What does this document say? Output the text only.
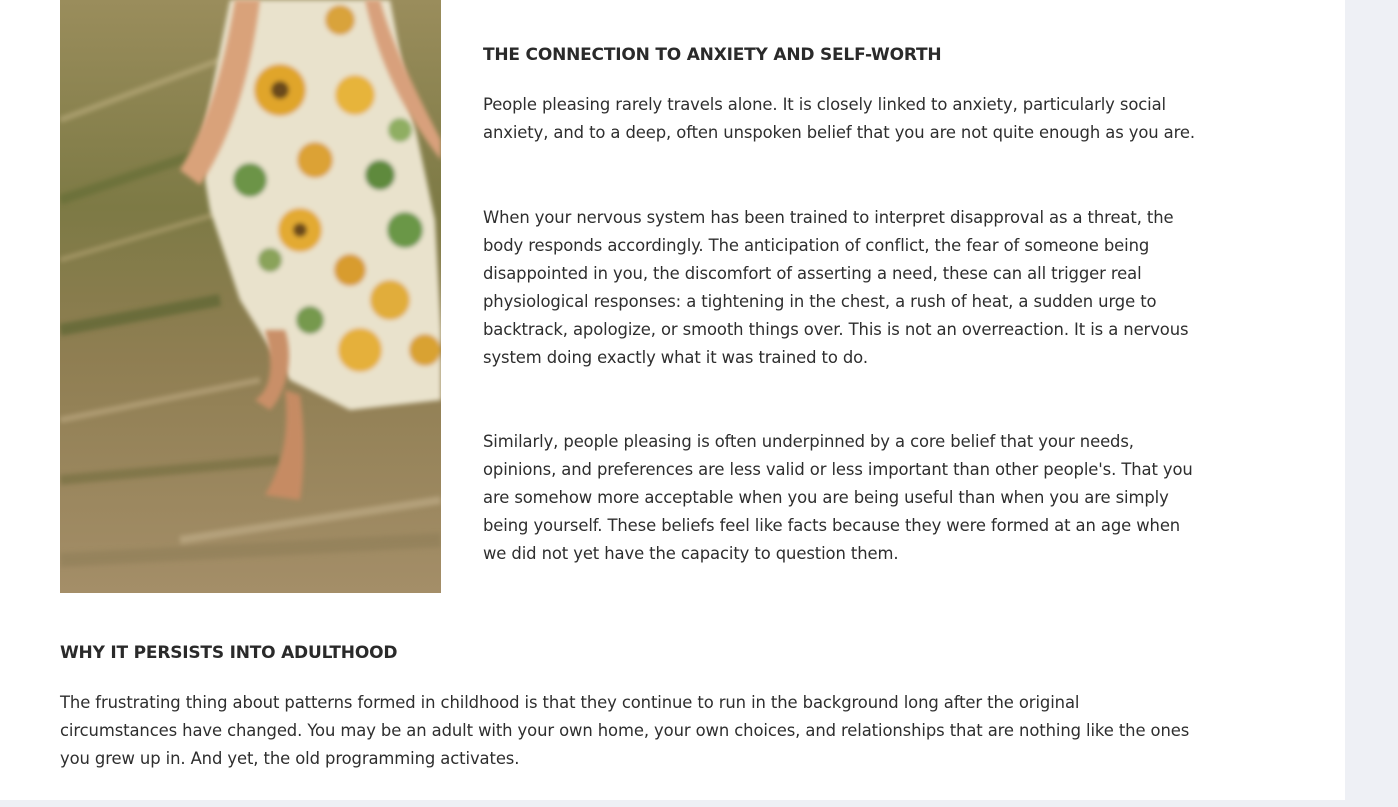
THE CONNECTION TO ANXIETY AND SELF-WORTH

People pleasing rarely travels alone. It is closely linked to anxiety, particularly social anxiety, and to a deep, often unspoken belief that you are not quite enough as you are.

When your nervous system has been trained to interpret disapproval as a threat, the body responds accordingly. The anticipation of conflict, the fear of someone being disappointed in you, the discomfort of asserting a need, these can all trigger real physiological responses: a tightening in the chest, a rush of heat, a sudden urge to backtrack, apologize, or smooth things over. This is not an overreaction. It is a nervous system doing exactly what it was trained to do.

Similarly, people pleasing is often underpinned by a core belief that your needs, opinions, and preferences are less valid or less important than other people's. That you are somehow more acceptable when you are being useful than when you are simply being yourself. These beliefs feel like facts because they were formed at an age when we did not yet have the capacity to question them.

WHY IT PERSISTS INTO ADULTHOOD

The frustrating thing about patterns formed in childhood is that they continue to run in the background long after the original circumstances have changed. You may be an adult with your own home, your own choices, and relationships that are nothing like the ones you grew up in. And yet, the old programming activates.
